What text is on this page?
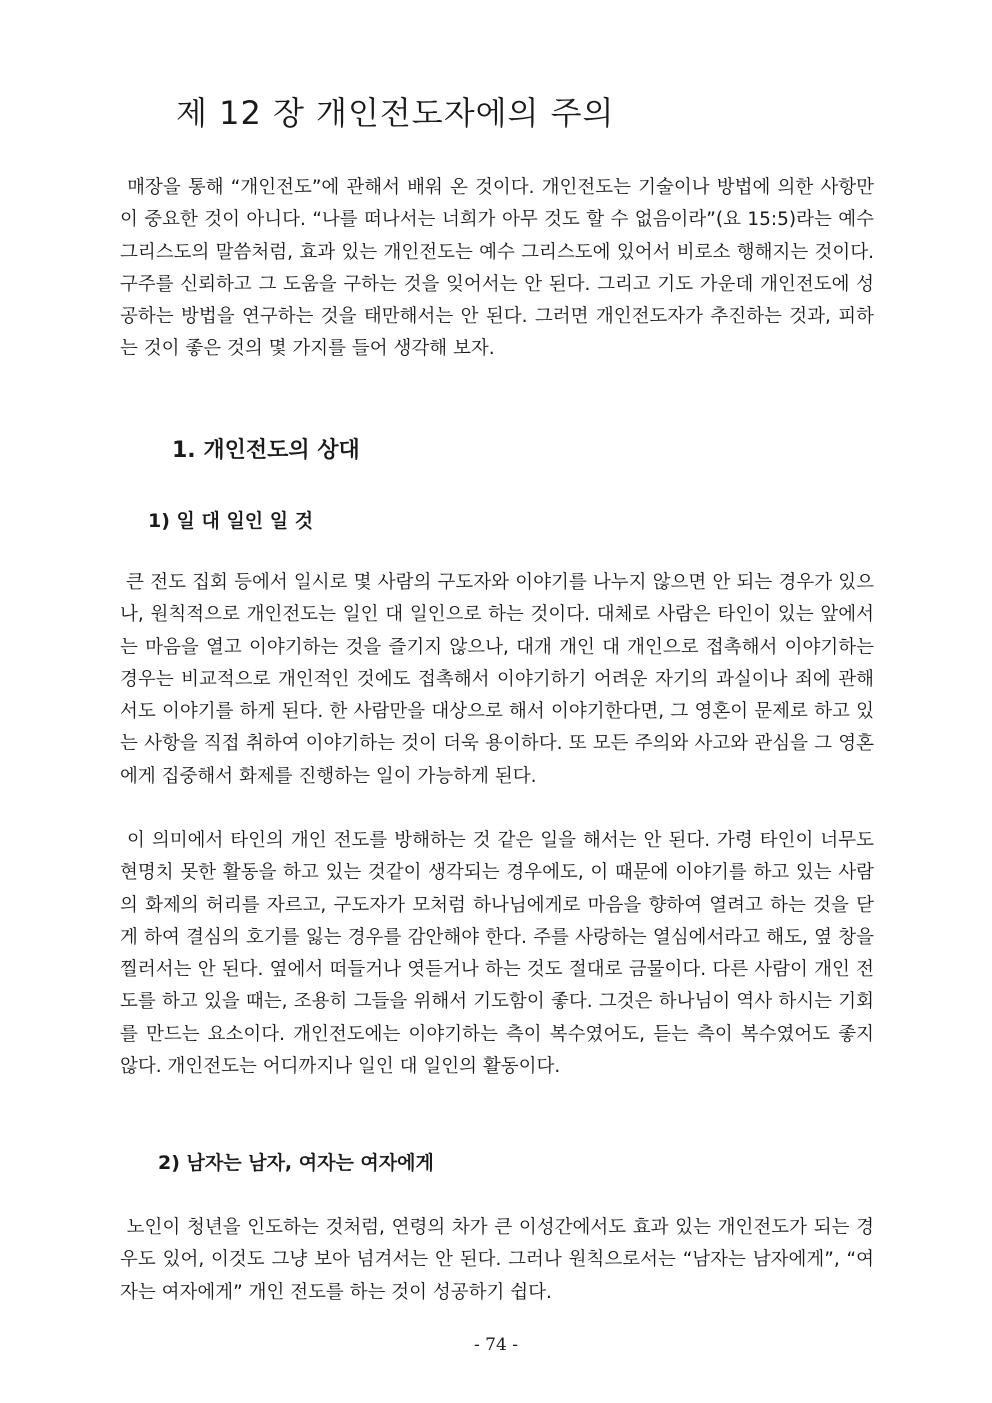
제 12 장 개인전도자에의 주의

매장을 통해 “개인전도”에 관해서 배워 온 것이다. 개인전도는 기술이나 방법에 의한 사항만이 중요한 것이 아니다. “나를 떠나서는 너희가 아무 것도 할 수 없음이라”(요 15:5)라는 예수 그리스도의 말씀처럼, 효과 있는 개인전도는 예수 그리스도에 있어서 비로소 행해지는 것이다. 구주를 신뢰하고 그 도움을 구하는 것을 잊어서는 안 된다. 그리고 기도 가운데 개인전도에 성공하는 방법을 연구하는 것을 태만해서는 안 된다. 그러면 개인전도자가 추진하는 것과, 피하는 것이 좋은 것의 몇 가지를 들어 생각해 보자.

1. 개인전도의 상대
1) 일 대 일인 일 것

큰 전도 집회 등에서 일시로 몇 사람의 구도자와 이야기를 나누지 않으면 안 되는 경우가 있으나, 원칙적으로 개인전도는 일인 대 일인으로 하는 것이다. 대체로 사람은 타인이 있는 앞에서는 마음을 열고 이야기하는 것을 즐기지 않으나, 대개 개인 대 개인으로 접촉해서 이야기하는 경우는 비교적으로 개인적인 것에도 접촉해서 이야기하기 어려운 자기의 과실이나 죄에 관해서도 이야기를 하게 된다. 한 사람만을 대상으로 해서 이야기한다면, 그 영혼이 문제로 하고 있는 사항을 직접 취하여 이야기하는 것이 더욱 용이하다. 또 모든 주의와 사고와 관심을 그 영혼에게 집중해서 화제를 진행하는 일이 가능하게 된다.

이 의미에서 타인의 개인 전도를 방해하는 것 같은 일을 해서는 안 된다. 가령 타인이 너무도 현명치 못한 활동을 하고 있는 것같이 생각되는 경우에도, 이 때문에 이야기를 하고 있는 사람의 화제의 허리를 자르고, 구도자가 모처럼 하나님에게로 마음을 향하여 열려고 하는 것을 닫게 하여 결심의 호기를 잃는 경우를 감안해야 한다. 주를 사랑하는 열심에서라고 해도, 옆 창을 찔러서는 안 된다. 옆에서 떠들거나 엿듣거나 하는 것도 절대로 금물이다. 다른 사람이 개인 전도를 하고 있을 때는, 조용히 그들을 위해서 기도함이 좋다. 그것은 하나님이 역사 하시는 기회를 만드는 요소이다. 개인전도에는 이야기하는 측이 복수였어도, 듣는 측이 복수였어도 좋지 않다. 개인전도는 어디까지나 일인 대 일인의 활동이다.

2) 남자는 남자, 여자는 여자에게

노인이 청년을 인도하는 것처럼, 연령의 차가 큰 이성간에서도 효과 있는 개인전도가 되는 경우도 있어, 이것도 그냥 보아 넘겨서는 안 된다. 그러나 원칙으로서는 “남자는 남자에게”, “여자는 여자에게” 개인 전도를 하는 것이 성공하기 쉽다.

- 74 -
